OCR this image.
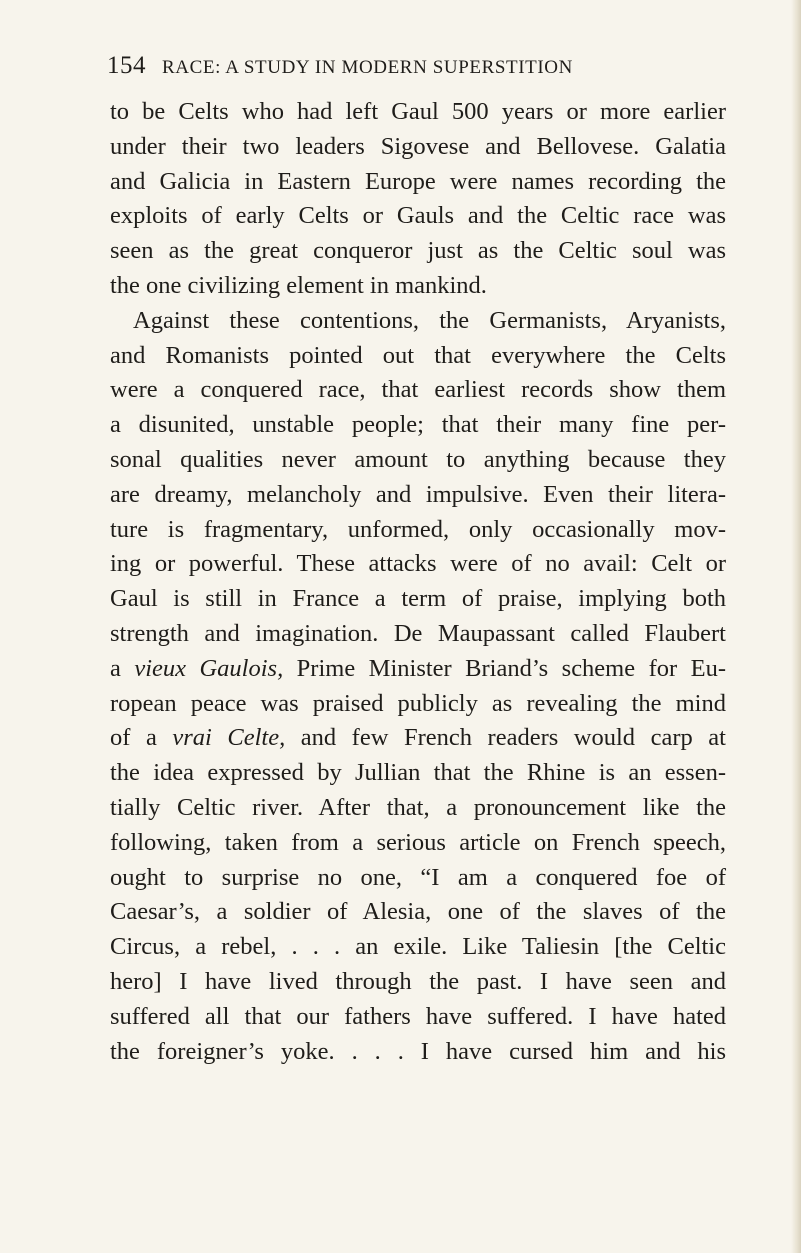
154 RACE: A STUDY IN MODERN SUPERSTITION
to be Celts who had left Gaul 500 years or more earlier
under their two leaders Sigovese and Bellovese. Galatia
and Galicia in Eastern Europe were names recording the
exploits of early Celts or Gauls and the Celtic race was
seen as the great conqueror just as the Celtic soul was
the one civilizing element in mankind.
Against these contentions, the Germanists, Aryanists,
and Romanists pointed out that everywhere the Celts
were a conquered race, that earliest records show them
a disunited, unstable people; that their many fine per-
sonal qualities never amount to anything because they
are dreamy, melancholy and impulsive. Even their litera-
ture is fragmentary, unformed, only occasionally mov-
ing or powerful. These attacks were of no avail: Celt or
Gaul is still in France a term of praise, implying both
strength and imagination. De Maupassant called Flaubert
a vieux Gaulois, Prime Minister Briand’s scheme for Eu-
ropean peace was praised publicly as revealing the mind
of a vrai Celte, and few French readers would carp at
the idea expressed by Jullian that the Rhine is an essen-
tially Celtic river. After that, a pronouncement like the
following, taken from a serious article on French speech,
ought to surprise no one, “I am a conquered foe of
Caesar’s, a soldier of Alesia, one of the slaves of the
Circus, a rebel, . . . an exile. Like Taliesin [the Celtic
hero] I have lived through the past. I have seen and
suffered all that our fathers have suffered. I have hated
the foreigner’s yoke. . . . I have cursed him and his
